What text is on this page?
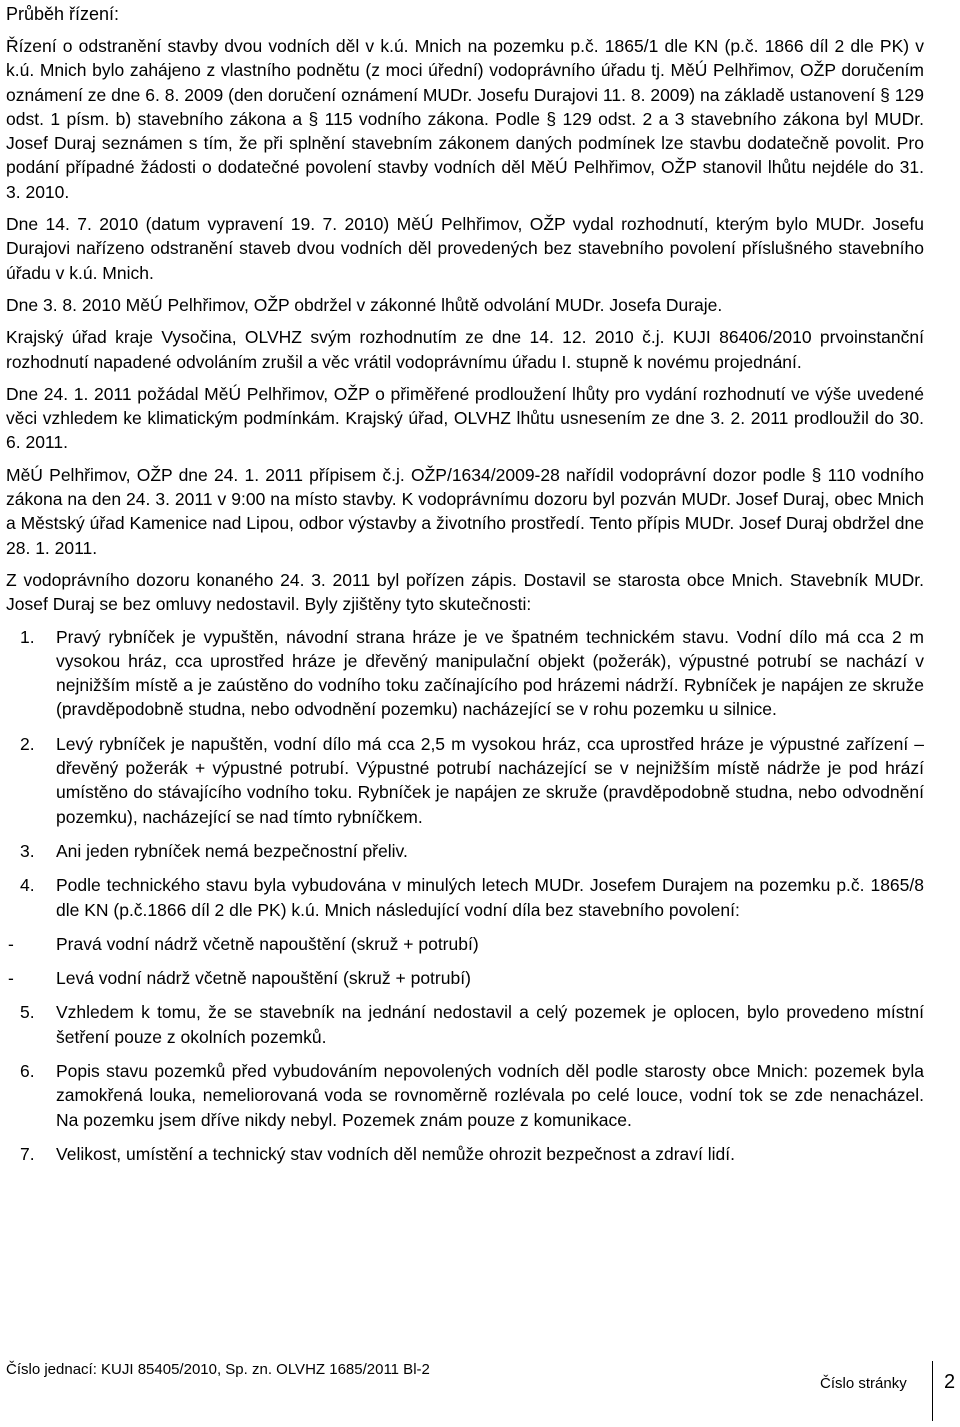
Průběh řízení:

Řízení o odstranění stavby dvou vodních děl v k.ú. Mnich na pozemku p.č. 1865/1 dle KN (p.č. 1866 díl 2 dle PK) v k.ú. Mnich bylo zahájeno z vlastního podnětu (z moci úřední) vodoprávního úřadu tj. MěÚ Pelhřimov, OŽP doručením oznámení ze dne 6. 8. 2009 (den doručení oznámení MUDr. Josefu Durajovi 11. 8. 2009) na základě ustanovení § 129 odst. 1 písm. b) stavebního zákona a § 115 vodního zákona. Podle § 129 odst. 2 a 3 stavebního zákona byl MUDr. Josef Duraj seznámen s tím, že při splnění stavebním zákonem daných podmínek lze stavbu dodatečně povolit. Pro podání případné žádosti o dodatečné povolení stavby vodních děl MěÚ Pelhřimov, OŽP stanovil lhůtu nejdéle do 31. 3. 2010.

Dne 14. 7. 2010 (datum vypravení 19. 7. 2010) MěÚ Pelhřimov, OŽP vydal rozhodnutí, kterým bylo MUDr. Josefu Durajovi nařízeno odstranění staveb dvou vodních děl provedených bez stavebního povolení příslušného stavebního úřadu v k.ú. Mnich.

Dne 3. 8. 2010 MěÚ Pelhřimov, OŽP obdržel v zákonné lhůtě odvolání MUDr. Josefa Duraje.

Krajský úřad kraje Vysočina, OLVHZ svým rozhodnutím ze dne 14. 12. 2010 č.j. KUJI 86406/2010 prvoinstanční rozhodnutí napadené odvoláním zrušil a věc vrátil vodoprávnímu úřadu I. stupně k novému projednání.

Dne 24. 1. 2011 požádal MěÚ Pelhřimov, OŽP o přiměřené prodloužení lhůty pro vydání rozhodnutí ve výše uvedené věci vzhledem ke klimatickým podmínkám. Krajský úřad, OLVHZ lhůtu usnesením ze dne 3. 2. 2011 prodloužil do 30. 6. 2011.

MěÚ Pelhřimov, OŽP dne 24. 1. 2011 přípisem č.j. OŽP/1634/2009-28 nařídil vodoprávní dozor podle § 110 vodního zákona na den 24. 3. 2011 v 9:00 na místo stavby. K vodoprávnímu dozoru byl pozván MUDr. Josef Duraj, obec Mnich a Městský úřad Kamenice nad Lipou, odbor výstavby a životního prostředí. Tento přípis MUDr. Josef Duraj obdržel dne 28. 1. 2011.

Z vodoprávního dozoru konaného 24. 3. 2011 byl pořízen zápis. Dostavil se starosta obce Mnich. Stavebník MUDr. Josef Duraj se bez omluvy nedostavil. Byly zjištěny tyto skutečnosti:

1. Pravý rybníček je vypuštěn, návodní strana hráze je ve špatném technickém stavu. Vodní dílo má cca 2 m vysokou hráz, cca uprostřed hráze je dřevěný manipulační objekt (požerák), výpustné potrubí se nachází v nejnižším místě a je zaústěno do vodního toku začínajícího pod hrázemi nádrží. Rybníček je napájen ze skruže (pravděpodobně studna, nebo odvodnění pozemku) nacházející se v rohu pozemku u silnice.
2. Levý rybníček je napuštěn, vodní dílo má cca 2,5 m vysokou hráz, cca uprostřed hráze je výpustné zařízení – dřevěný požerák + výpustné potrubí. Výpustné potrubí nacházející se v nejnižším místě nádrže je pod hrází umístěno do stávajícího vodního toku. Rybníček je napájen ze skruže (pravděpodobně studna, nebo odvodnění pozemku), nacházející se nad tímto rybníčkem.
3. Ani jeden rybníček nemá bezpečnostní přeliv.
4. Podle technického stavu byla vybudována v minulých letech MUDr. Josefem Durajem na pozemku p.č. 1865/8 dle KN (p.č.1866 díl 2 dle PK) k.ú. Mnich následující vodní díla bez stavebního povolení:
- Pravá vodní nádrž včetně napouštění (skruž + potrubí)
- Levá vodní nádrž včetně napouštění (skruž + potrubí)
5. Vzhledem k tomu, že se stavebník na jednání nedostavil a celý pozemek je oplocen, bylo provedeno místní šetření pouze z okolních pozemků.
6. Popis stavu pozemků před vybudováním nepovolených vodních děl podle starosty obce Mnich: pozemek byla zamokřená louka, nemeliorovaná voda se rovnoměrně rozlévala po celé louce, vodní tok se zde nenacházel. Na pozemku jsem dříve nikdy nebyl. Pozemek znám pouze z komunikace.
7. Velikost, umístění a technický stav vodních děl nemůže ohrozit bezpečnost a zdraví lidí.
Číslo jednací: KUJI 85405/2010, Sp. zn. OLVHZ 1685/2011 Bl-2
Číslo stránky 2
